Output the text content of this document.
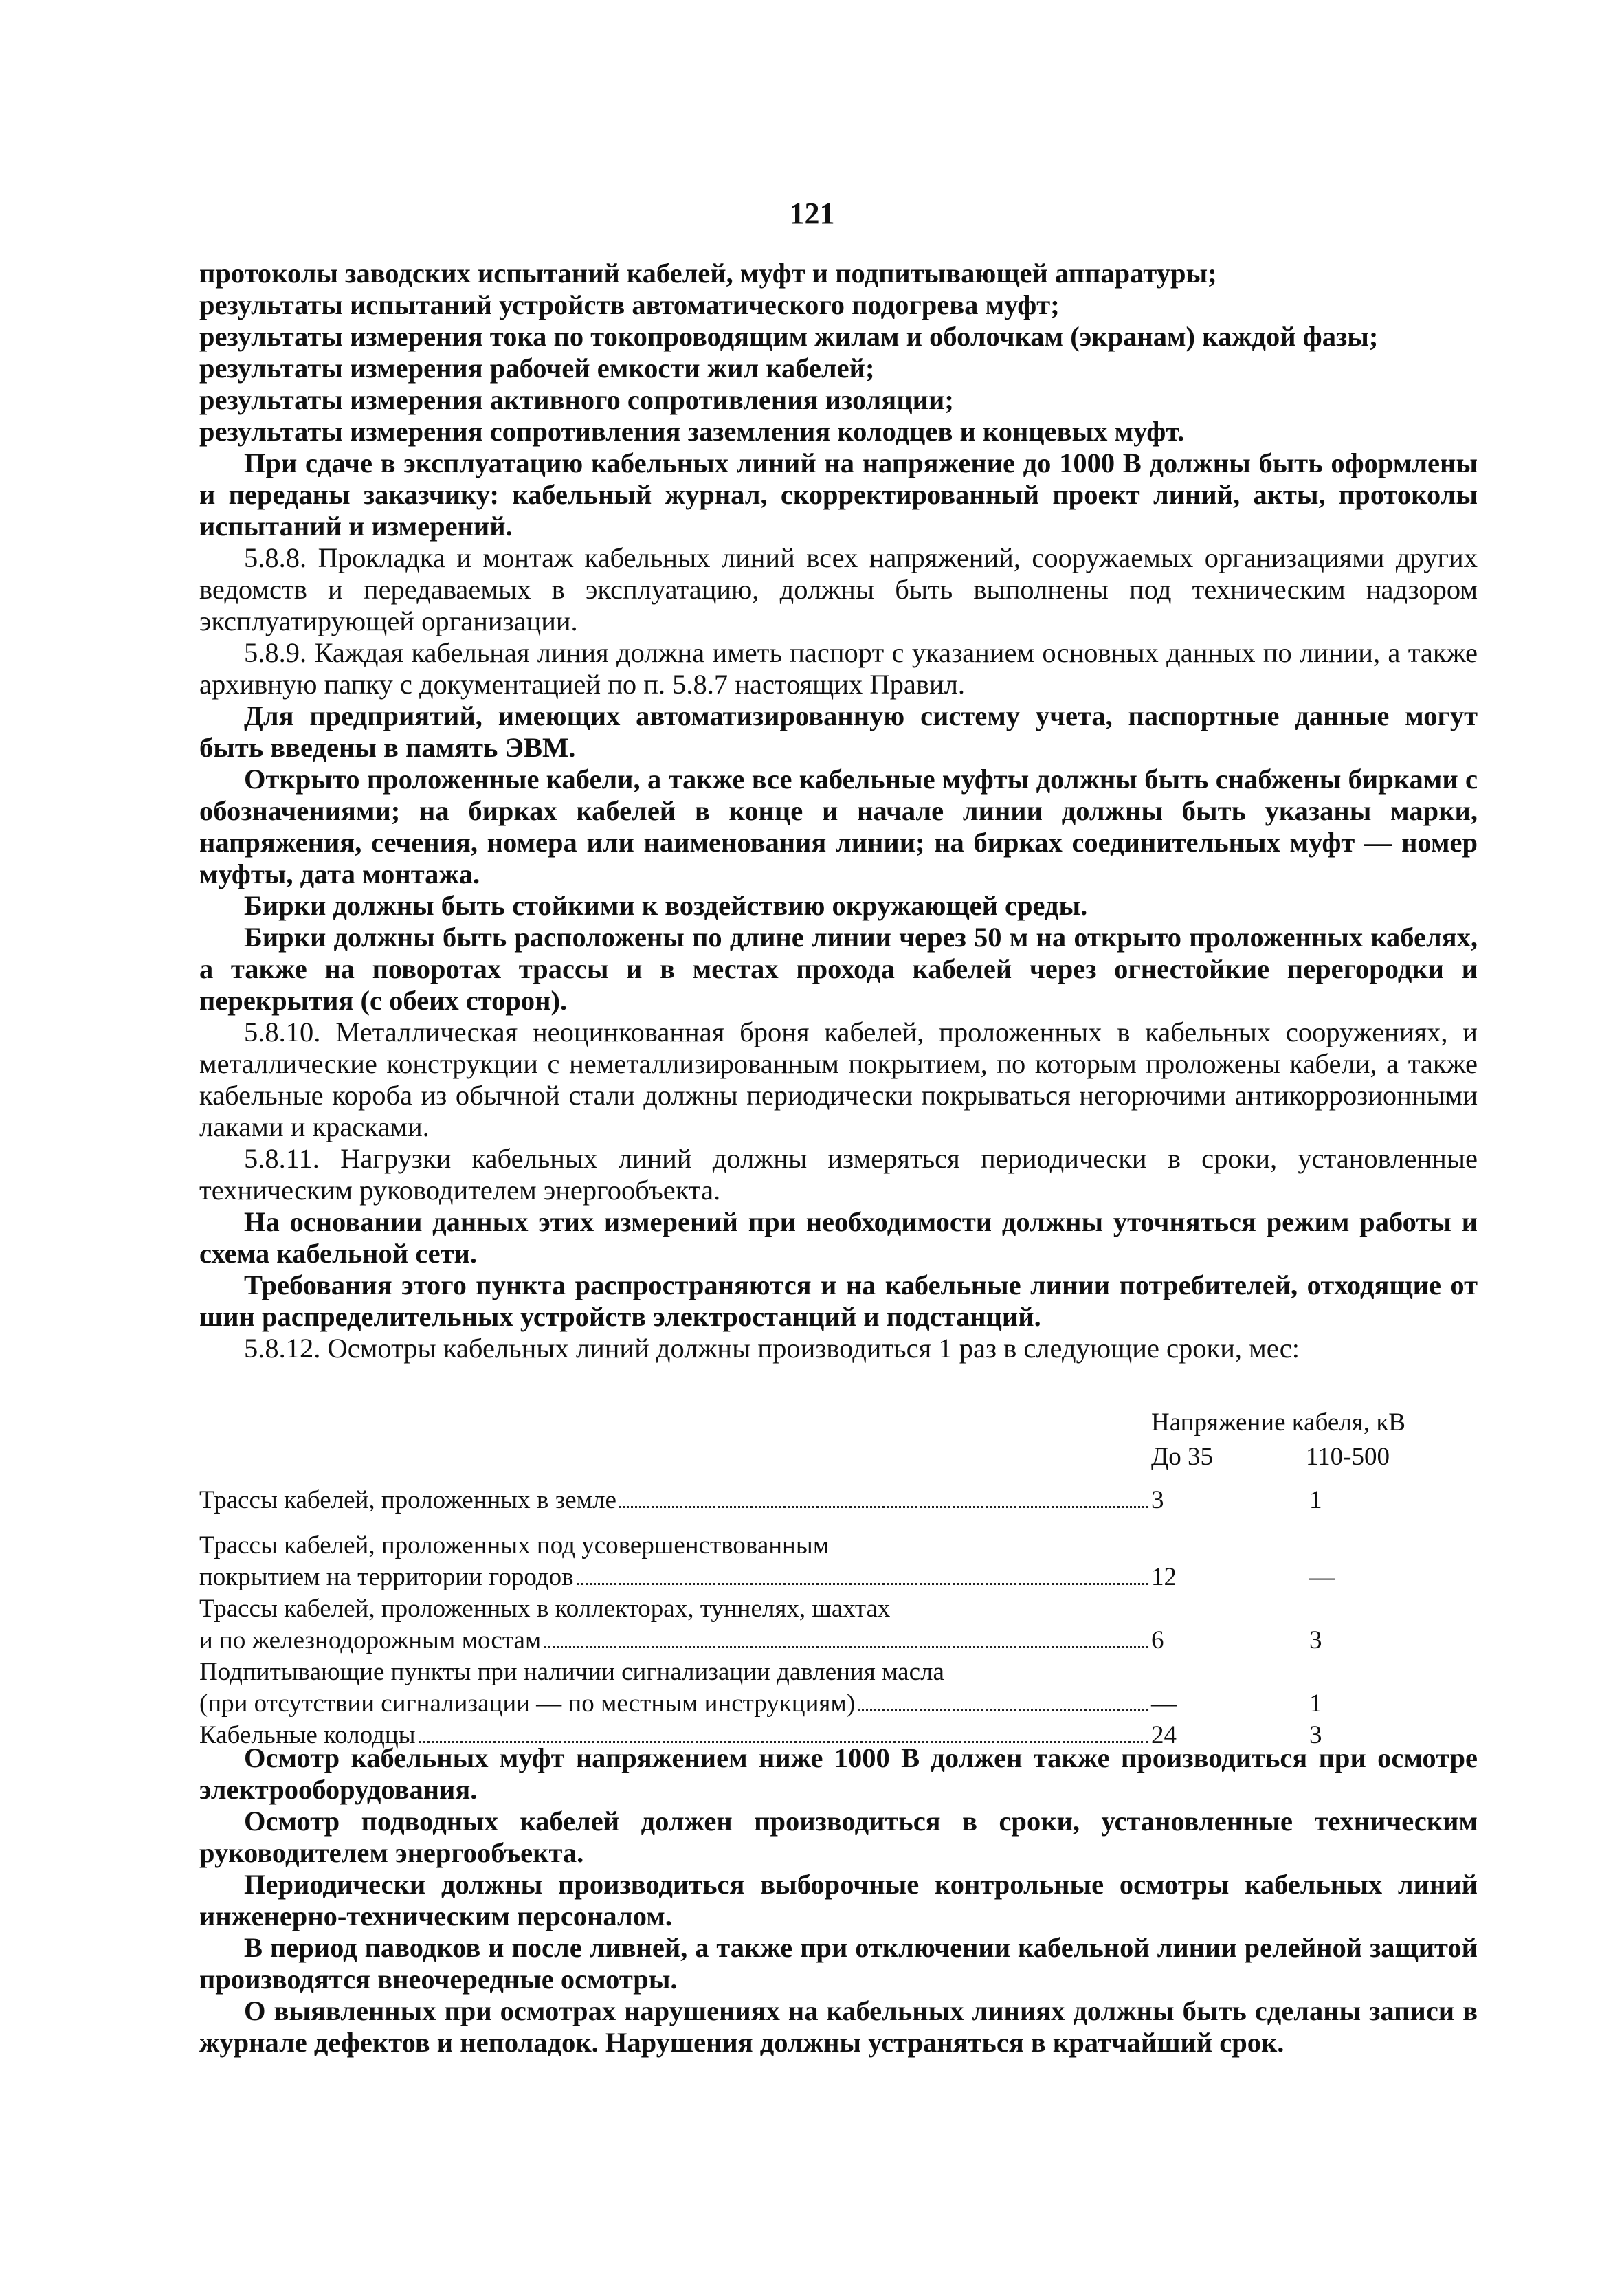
121

протоколы заводских испытаний кабелей, муфт и подпитывающей аппаратуры;

результаты испытаний устройств автоматического подогрева муфт;

результаты измерения тока по токопроводящим жилам и оболочкам (экранам) каждой фазы;

результаты измерения рабочей емкости жил кабелей;

результаты измерения активного сопротивления изоляции;

результаты измерения сопротивления заземления колодцев и концевых муфт.

При сдаче в эксплуатацию кабельных линий на напряжение до 1000 В должны быть оформлены и переданы заказчику: кабельный журнал, скорректированный проект линий, акты, протоколы испытаний и измерений.

5.8.8. Прокладка и монтаж кабельных линий всех напряжений, сооружаемых организациями других ведомств и передаваемых в эксплуатацию, должны быть выполнены под техническим надзором эксплуатирующей организации.

5.8.9. Каждая кабельная линия должна иметь паспорт с указанием основных данных по линии, а также архивную папку с документацией по п. 5.8.7 настоящих Правил.

Для предприятий, имеющих автоматизированную систему учета, паспортные данные могут быть введены в память ЭВМ.

Открыто проложенные кабели, а также все кабельные муфты должны быть снабжены бирками с обозначениями; на бирках кабелей в конце и начале линии должны быть указаны марки, напряжения, сечения, номера или наименования линии; на бирках соединительных муфт — номер муфты, дата монтажа.

Бирки должны быть стойкими к воздействию окружающей среды.

Бирки должны быть расположены по длине линии через 50 м на открыто проложенных кабелях, а также на поворотах трассы и в местах прохода кабелей через огнестойкие перегородки и перекрытия (с обеих сторон).

5.8.10. Металлическая неоцинкованная броня кабелей, проложенных в кабельных сооружениях, и металлические конструкции с неметаллизированным покрытием, по которым проложены кабели, а также кабельные короба из обычной стали должны периодически покрываться негорючими антикоррозионными лаками и красками.

5.8.11. Нагрузки кабельных линий должны измеряться периодически в сроки, установленные техническим руководителем энергообъекта.

На основании данных этих измерений при необходимости должны уточняться режим работы и схема кабельной сети.

Требования этого пункта распространяются и на кабельные линии потребителей, отходящие от шин распределительных устройств электростанций и подстанций.

5.8.12. Осмотры кабельных линий должны производиться 1 раз в следующие сроки, мес:

Напряжение кабеля, кВ
До 35	110-500
Трассы кабелей, проложенных в земле	3	1
Трассы кабелей, проложенных под усовершенствованным
покрытием на территории городов	12	—
Трассы кабелей, проложенных в коллекторах, туннелях, шахтах
и по железнодорожным мостам	6	3
Подпитывающие пункты при наличии сигнализации давления масла
(при отсутствии сигнализации — по местным инструкциям)	—	1
Кабельные колодцы	24	3

Осмотр кабельных муфт напряжением ниже 1000 В должен также производиться при осмотре электрооборудования.

Осмотр подводных кабелей должен производиться в сроки, установленные техническим руководителем энергообъекта.

Периодически должны производиться выборочные контрольные осмотры кабельных линий инженерно-техническим персоналом.

В период паводков и после ливней, а также при отключении кабельной линии релейной защитой производятся внеочередные осмотры.

О выявленных при осмотрах нарушениях на кабельных линиях должны быть сделаны записи в журнале дефектов и неполадок. Нарушения должны устраняться в кратчайший срок.
